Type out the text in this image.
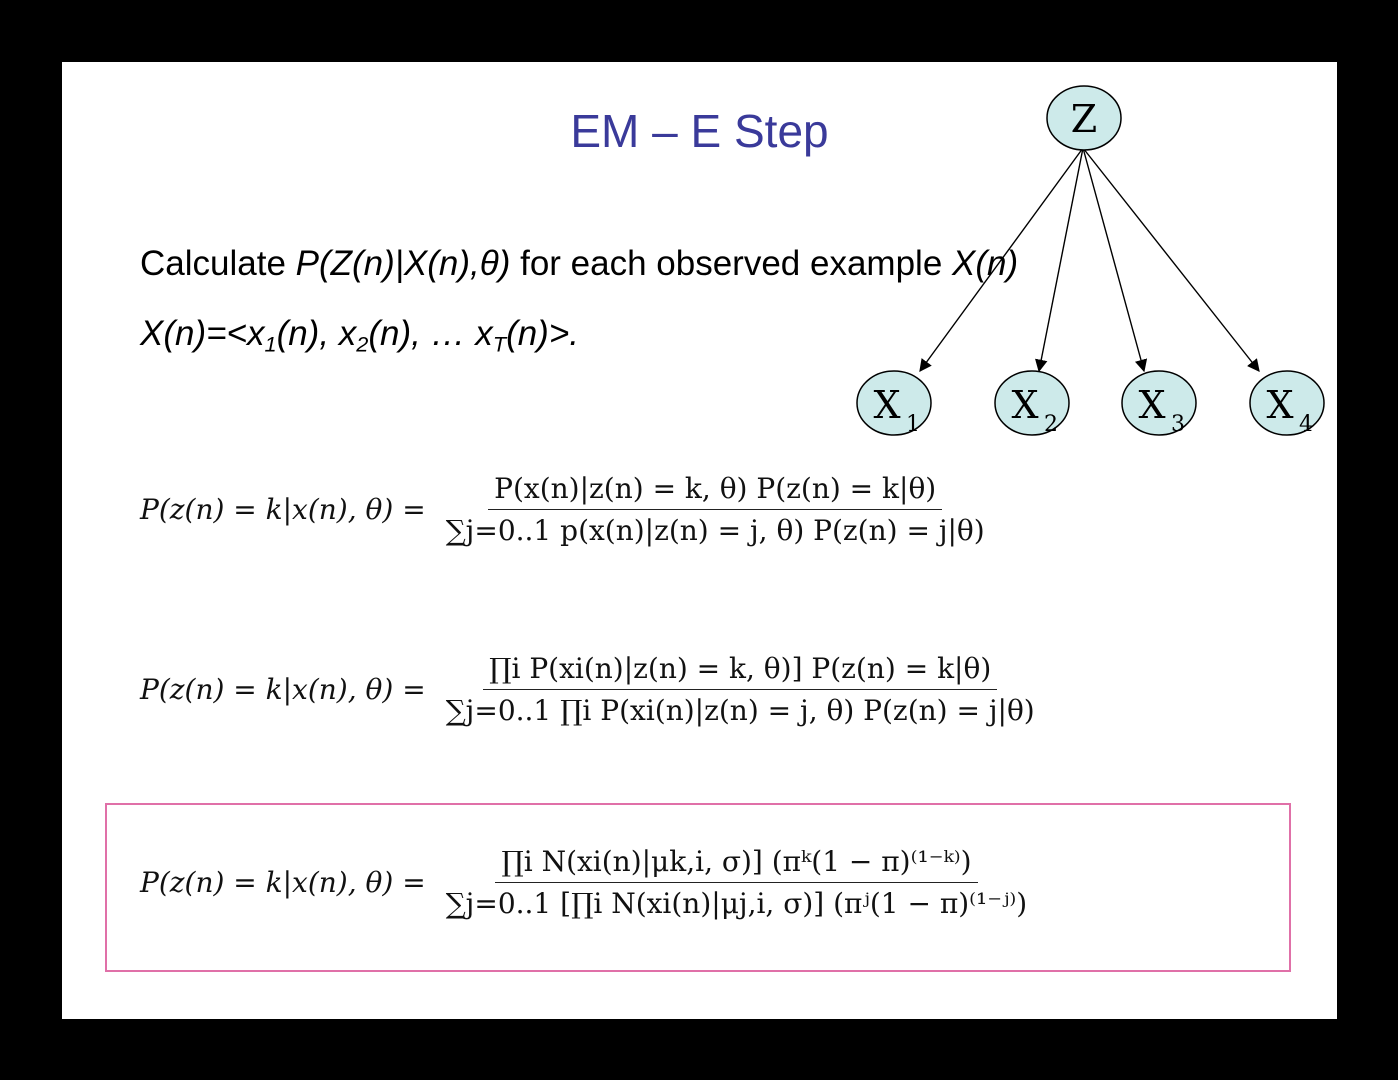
EM – E Step
Calculate P(Z(n)|X(n),θ) for each observed example X(n)
$X(n)=<x_1(n)$, $x_2(n)$, … $x_T(n)>$.
Z
X 1 X 2 X 3 X 4
P(z(n) = k|x(n), $\theta) = \frac{P(x(n)|z(n) = k, \theta) P(z(n) = k|\theta)}{\sum j=0..1 p(x(n)|z(n) = j, \theta) P(z(n) = j|\theta)}$
P(z(n) = k|x(n), $\theta) = \frac{\text{∏i P(xi(n)|z(n) = k, θ)] P(z(n) = k|θ)}}{\text{∑j=0..1 ∏i P(xi(n)|z(n) = j, θ) P(z(n) = j|θ)}}$
P(z(n) = k|x(n), $\theta) = \frac{\text{∏i N(xi(n)|μk,i, σ)] (πᵏ(1 − π)⁽¹⁻ᵏ⁾)}}{\text{∑j=0..1 [∏i N(xi(n)|μj,i, σ)] (πʲ(1 − π)⁽¹⁻ʲ⁾)}}$
